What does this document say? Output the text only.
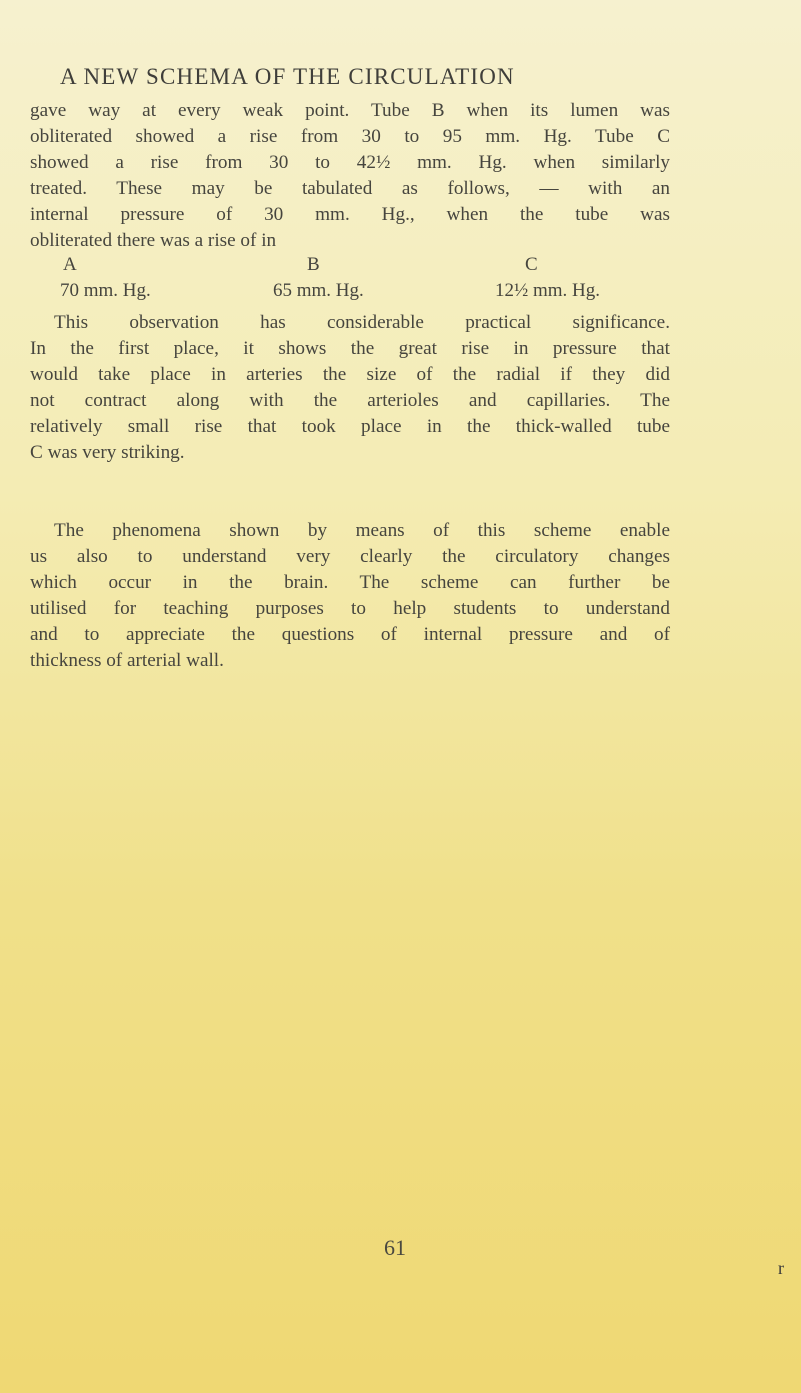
A NEW SCHEMA OF THE CIRCULATION
gave way at every weak point. Tube B when its lumen was
obliterated showed a rise from 30 to 95 mm. Hg. Tube C
showed a rise from 30 to 42½ mm. Hg. when similarly
treated. These may be tabulated as follows, — with an
internal pressure of 30 mm. Hg., when the tube was
obliterated there was a rise of in
A	B	C
70 mm. Hg.	65 mm. Hg.	12½ mm. Hg.
This observation has considerable practical significance.
In the first place, it shows the great rise in pressure that
would take place in arteries the size of the radial if they did
not contract along with the arterioles and capillaries. The
relatively small rise that took place in the thick-walled tube
C was very striking.
The phenomena shown by means of this scheme enable
us also to understand very clearly the circulatory changes
which occur in the brain. The scheme can further be
utilised for teaching purposes to help students to understand
and to appreciate the questions of internal pressure and of
thickness of arterial wall.
61
r
